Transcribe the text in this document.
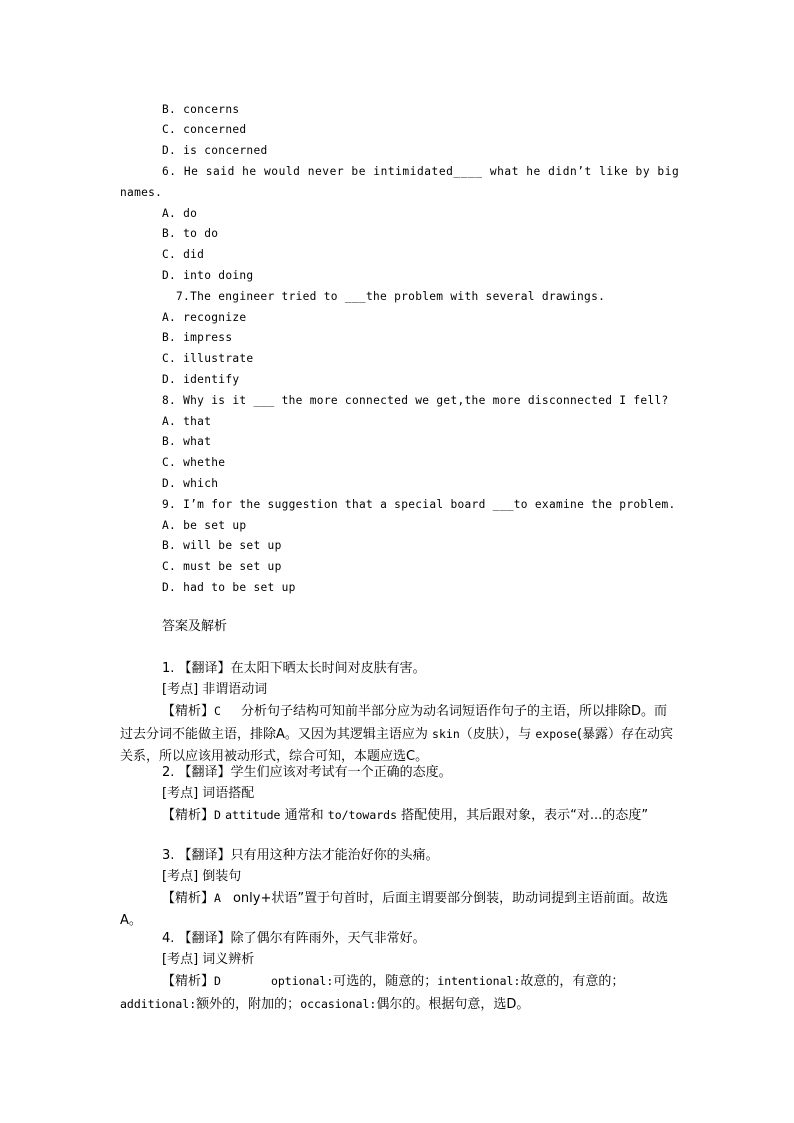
B. concerns
C. concerned
D. is concerned
6. He said he would never be intimidated____ what he didn’t like by big
names.
A. do
B. to do
C. did
D. into doing
7.The engineer tried to ___the problem with several drawings.
A. recognize
B. impress
C. illustrate
D. identify
8. Why is it ___ the more connected we get,the more disconnected I fell?
A. that
B. what
C. whethe
D. which
9. I’m for the suggestion that a special board ___to examine the problem.
A. be set up
B. will be set up
C. must be set up
D. had to be set up
答案及解析
1. 【翻译】在太阳下晒太长时间对皮肤有害。
[考点] 非谓语动词
【精析】C 分析句子结构可知前半部分应为动名词短语作句子的主语，所以排除D。而过去分词不能做主语，排除A。又因为其逻辑主语应为 skin（皮肤），与 expose(暴露）存在动宾关系，所以应该用被动形式，综合可知，本题应选C。
2. 【翻译】学生们应该对考试有一个正确的态度。
[考点] 词语搭配
【精析】D attitude 通常和 to/towards 搭配使用，其后跟对象，表示“对...的态度”
3. 【翻译】只有用这种方法才能治好你的头痛。
[考点] 倒装句
【精析】A only+状语”置于句首时，后面主谓要部分倒装，助动词提到主语前面。故选 A。
4. 【翻译】除了偶尔有阵雨外，天气非常好。
[考点] 词义辨析
【精析】D	optional:可选的，随意的；intentional:故意的，有意的；additional:额外的，附加的；occasional:偶尔的。根据句意，选D。
